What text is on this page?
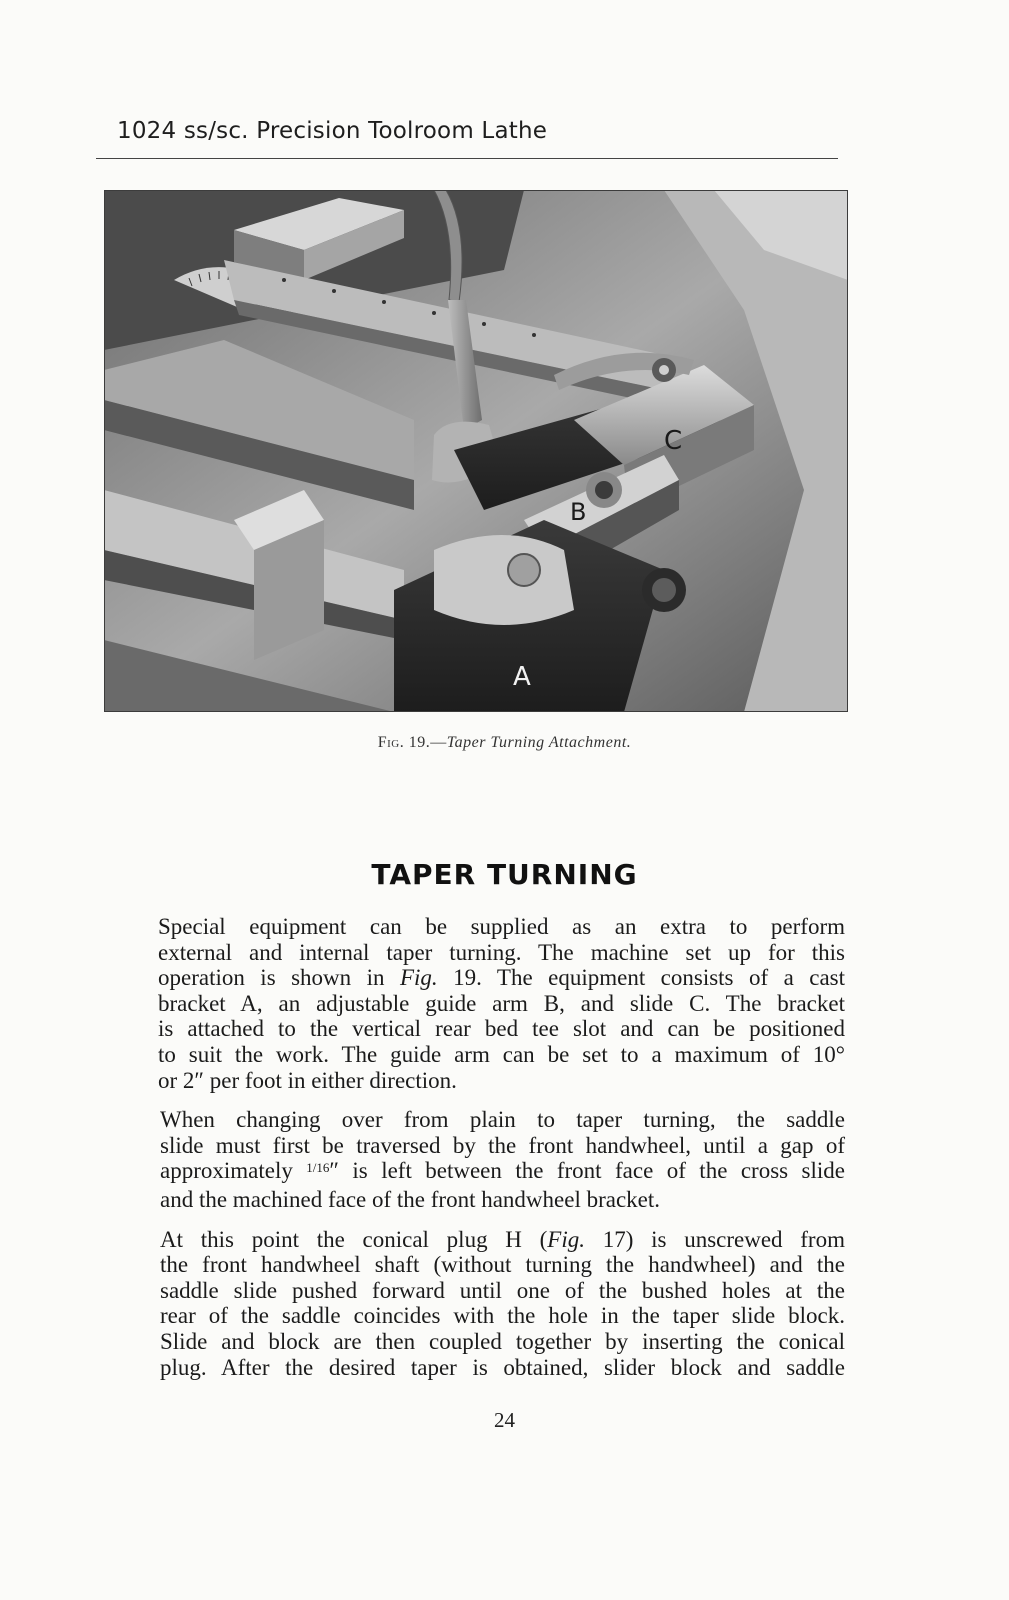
1024 ss/sc. Precision Toolroom Lathe
A
B
C
Fig. 19.—Taper Turning Attachment.
TAPER TURNING

Special equipment can be supplied as an extra to perform
external and internal taper turning. The machine set up for this
operation is shown in Fig. 19. The equipment consists of a cast
bracket A, an adjustable guide arm B, and slide C. The bracket
is attached to the vertical rear bed tee slot and can be positioned
to suit the work. The guide arm can be set to a maximum of 10°
or 2″ per foot in either direction.

When changing over from plain to taper turning, the saddle
slide must first be traversed by the front handwheel, until a gap of
approximately $^{1/16}$″ is left between the front face of the cross slide
and the machined face of the front handwheel bracket.

At this point the conical plug H (Fig. 17) is unscrewed from
the front handwheel shaft (without turning the handwheel) and the
saddle slide pushed forward until one of the bushed holes at the
rear of the saddle coincides with the hole in the taper slide block.
Slide and block are then coupled together by inserting the conical
plug. After the desired taper is obtained, slider block and saddle

24
